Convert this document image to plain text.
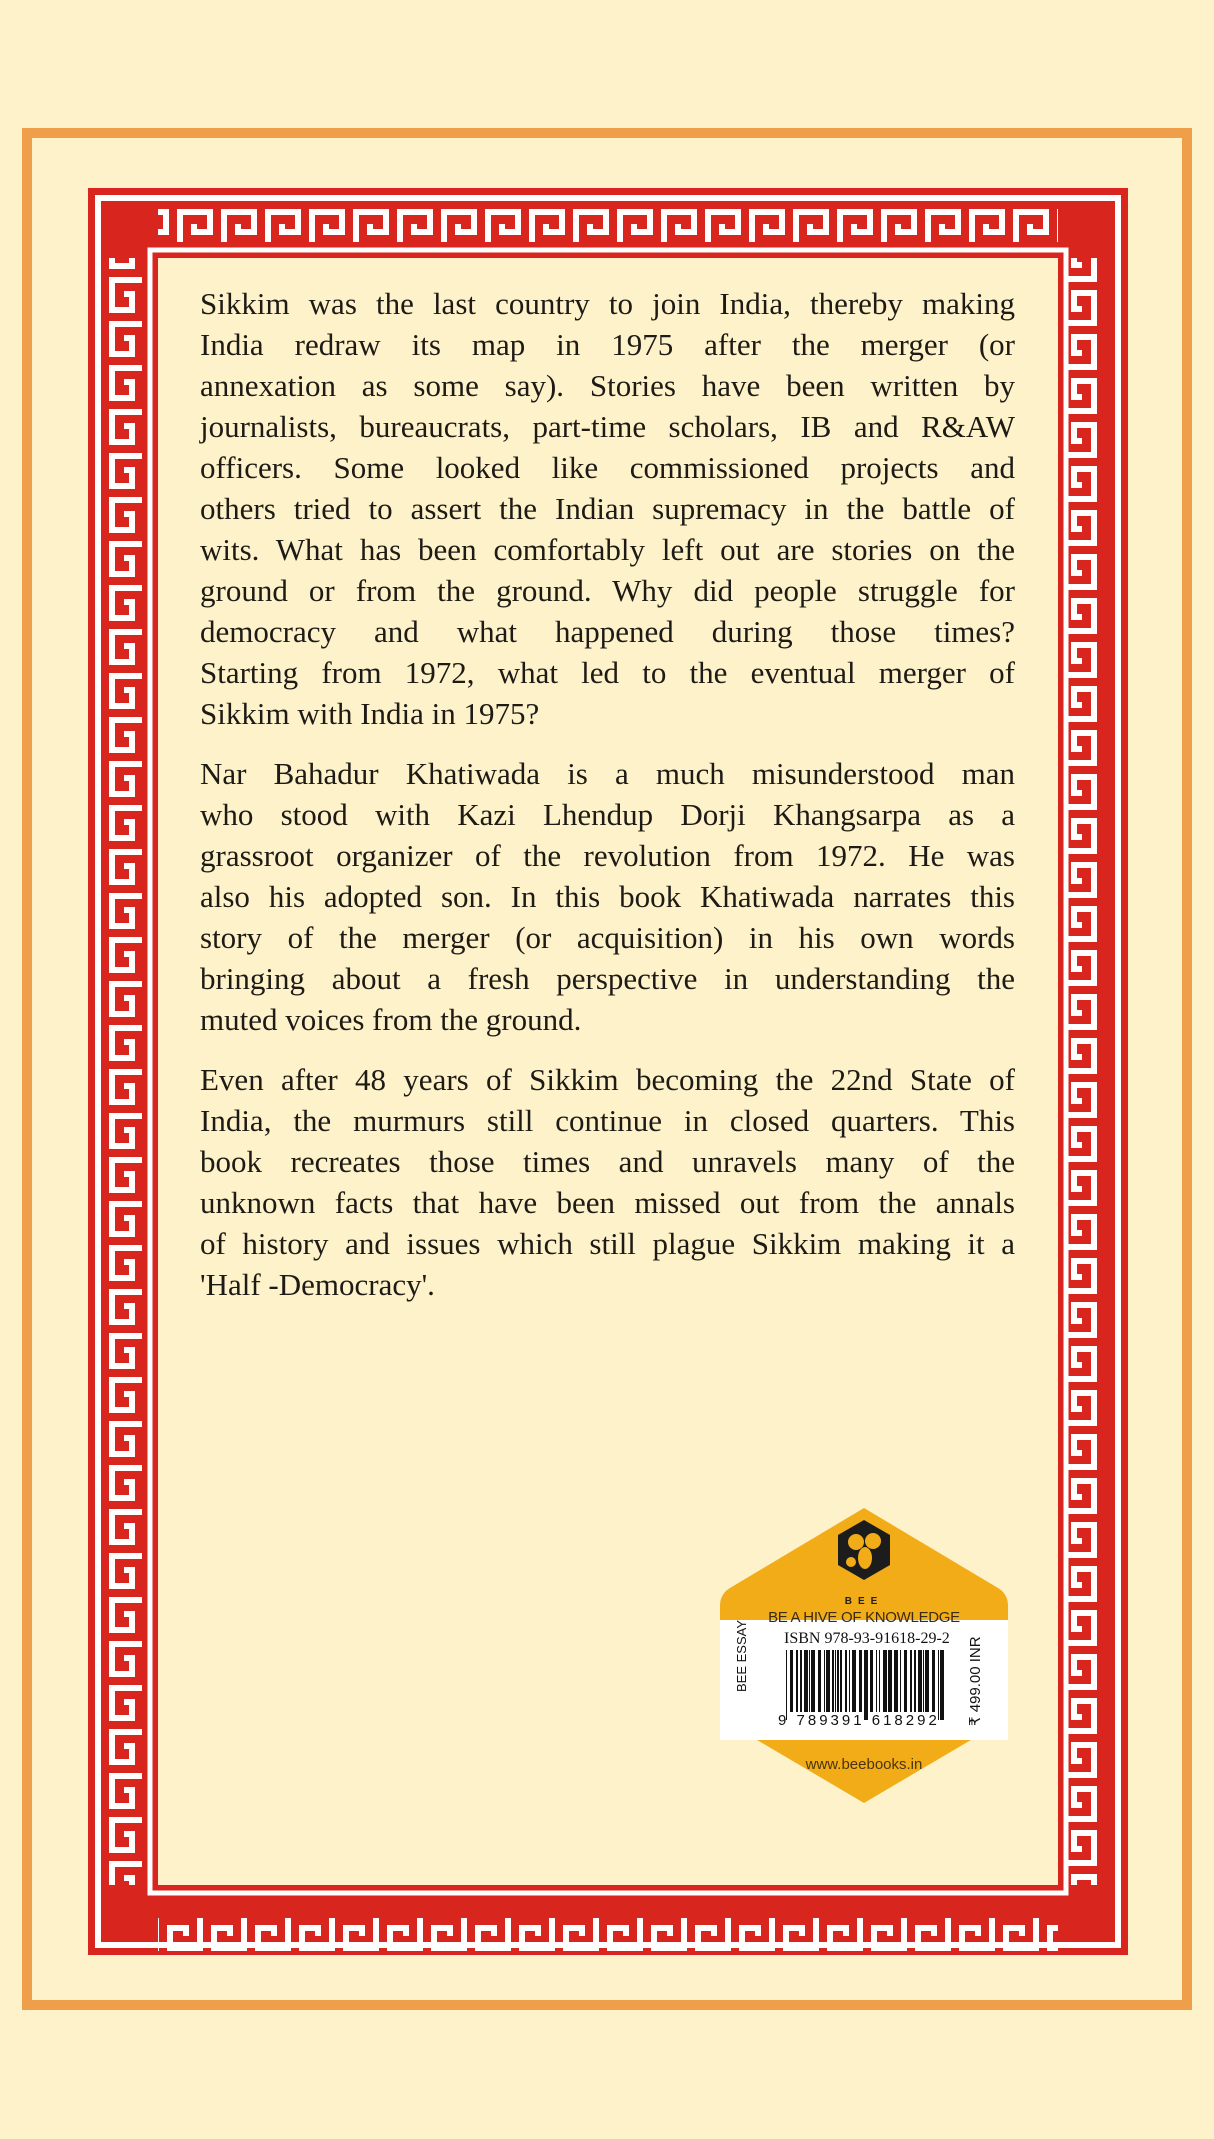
Sikkim was the last country to join India, thereby making
India redraw its map in 1975 after the merger (or
annexation as some say). Stories have been written by
journalists, bureaucrats, part-time scholars, IB and R&AW
officers. Some looked like commissioned projects and
others tried to assert the Indian supremacy in the battle of
wits. What has been comfortably left out are stories on the
ground or from the ground. Why did people struggle for
democracy and what happened during those times?
Starting from 1972, what led to the eventual merger of
Sikkim with India in 1975?
Nar Bahadur Khatiwada is a much misunderstood man
who stood with Kazi Lhendup Dorji Khangsarpa as a
grassroot organizer of the revolution from 1972. He was
also his adopted son. In this book Khatiwada narrates this
story of the merger (or acquisition) in his own words
bringing about a fresh perspective in understanding the
muted voices from the ground.
Even after 48 years of Sikkim becoming the 22nd State of
India, the murmurs still continue in closed quarters. This
book recreates those times and unravels many of the
unknown facts that have been missed out from the annals
of history and issues which still plague Sikkim making it a
'Half -Democracy'.
BEE
BE A HIVE OF KNOWLEDGE
BEE ESSAY ISBN 978-93-91618-29-2
9 789391 618292 ₹ 499.00 INR
www.beebooks.in
